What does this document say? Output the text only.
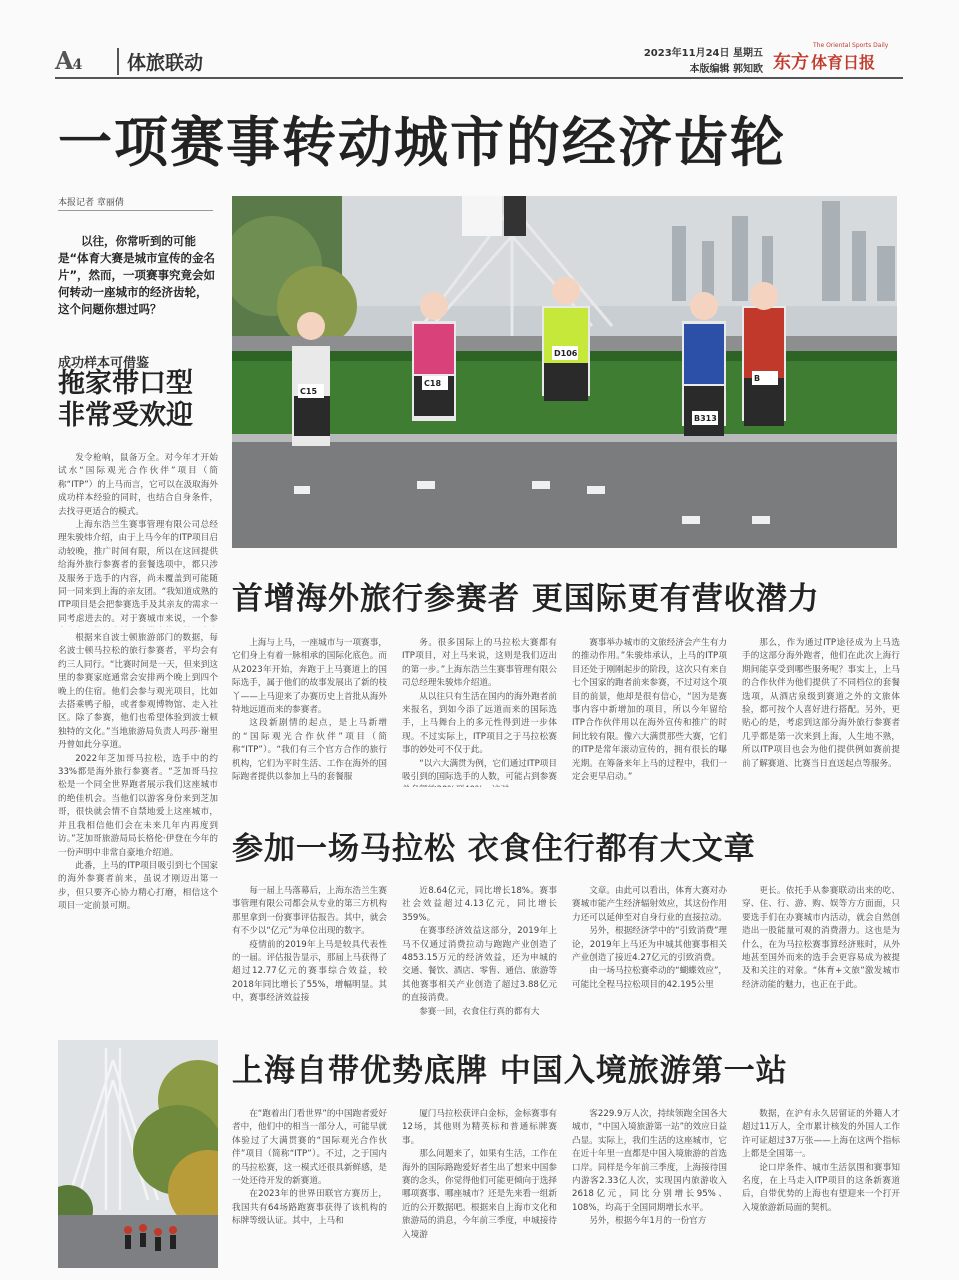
A4	体旅联动	2023年11月24日 星期五
本版编辑 郭知欧 东方
The Oriental Sports Daily
体育日报
一项赛事转动城市的经济齿轮
本报记者 章丽倩
以往，你常听到的可能是“体育大赛是城市宣传的金名片”，然而，一项赛事究竟会如何转动一座城市的经济齿轮，这个问题你想过吗？
成功样本可借鉴
拖家带口型非常受欢迎

发令枪响，鼠备万全。对今年才开始试水“国际观光合作伙伴”项目（简称“ITP”）的上马而言，它可以在汲取海外成功样本经验的同时，也结合自身条件，去找寻更适合的模式。

上海东浩兰生赛事管理有限公司总经理朱骏炜介绍，由于上马今年的ITP项目启动较晚，推广时间有限，所以在这回提供给海外旅行参赛者的套餐选项中，都只涉及服务于选手的内容，尚未覆盖到可能随同一同来到上海的亲友团。“我知道成熟的ITP项目是会把参赛选手及其亲友的需求一同考虑进去的。对于赛城市来说，一个参

根据来自波士顿旅游部门的数据，每名波士顿马拉松的旅行参赛者，平均会有约三人同行。“比赛时间是一天，但来到这里的参赛家庭通常会安排两个晚上到四个晚上的住宿。他们会参与观光项目，比如去搭乘鸭子船，或者参观博物馆、走入社区。除了参赛，他们也希望体验到波士顿独特的文化。”当地旅游局负责人玛莎·谢里丹曾如此分享道。

2022年芝加哥马拉松，选手中的约33%都是海外旅行参赛者。“芝加哥马拉松是一个同全世界跑者展示我们这座城市的绝佳机会。当他们以游客身份来到芝加哥，很快就会情不自禁地爱上这座城市，并且我相信他们会在未来几年内再度到访。”芝加哥旅游局局长格伦·伊登在今年的一份声明中非常自豪地介绍道。

此番，上马的ITP项目吸引到七个国家的海外参赛者前来，虽说才刚迈出第一步，但只要齐心协力精心打磨，相信这个项目一定前景可期。

C15
C18
D106
B313
B
首增海外旅行参赛者 更国际更有营收潜力

上海与上马，一座城市与一项赛事，它们身上有着一脉相承的国际化底色。而从2023年开始，奔跑于上马赛道上的国际选手，属于他们的故事发展出了新的枝丫——上马迎来了办赛历史上首批从海外特地远道而来的参赛者。

这段新剧情的起点，是上马新增的“国际观光合作伙伴”项目（简称“ITP”）。“我们有三个官方合作的旅行机构，它们为平时生活、工作在海外的国际跑者提供以参加上马的套餐服

务。很多国际上的马拉松大赛都有ITP项目，对上马来说，这则是我们迈出的第一步。”上海东浩兰生赛事管理有限公司总经理朱骏炜介绍道。

从以往只有生活在国内的海外跑者前来报名，到如今添了远道而来的国际选手，上马舞台上的多元性得到进一步体现。不过实际上，ITP项目之于马拉松赛事的妙处可不仅于此。

“以六大满贯为例，它们通过ITP项目吸引到的国际选手的人数，可能占到参赛

赛事举办城市的文旅经济会产生有力的推动作用。”朱骏炜承认，上马的ITP项目还处于刚刚起步的阶段，这次只有来自七个国家的跑者前来参赛，不过对这个项目的前景，他却是很有信心，“因为是赛事内容中新增加的项目，所以今年留给ITP合作伙伴用以在海外宣传和推广的时间比较有限。像六大满贯那些大赛，它们的ITP是常年滚动宣传的，拥有很长的曝光期。在筹备来年上马的过程中，我们一定会更早启动。”

那么，作为通过ITP途径成为上马选手的这部分海外跑者，他们在此次上海行期间能享受到哪些服务呢？事实上，上马的合作伙伴为他们提供了不同档位的套餐选项，从酒店泉级到赛道之外的文旅体验，都可按个人喜好进行搭配。另外，更贴心的是，考虑到这部分海外旅行参赛者几乎都是第一次来到上海，人生地不熟，所以ITP项目也会为他们提供例如赛前提前了解赛道、比赛当日直送起点等服务。

参加一场马拉松 衣食住行都有大文章

每一届上马落幕后，上海东浩兰生赛事管理有限公司都会从专业的第三方机构那里拿到一份赛事评估报告。其中，就会有不少以“亿元”为单位出现的数字。

疫情前的2019年上马是较具代表性的一届。评估报告显示，那届上马获得了超过12.77亿元的赛事综合效益，较2018年同比增长了55%，增幅明显。其中，赛事经济效益接

近8.64亿元，同比增长18%。赛事社会效益超过4.13亿元，同比增长359%。

在赛事经济效益这部分，2019年上马不仅通过消费拉动与跑跑产业创造了4853.15万元的经济效益，还为申城的交通、餐饮、酒店、零售、通信、旅游等其他赛事相关产业创造了超过3.88亿元的直接消费。

参赛一回，衣食住行真的都有大

文章。由此可以看出，体育大赛对办赛城市能产生经济辐射效应，其这份作用力还可以延伸至对自身行业的直接拉动。

另外，根据经济学中的“引致消费”理论，2019年上马还为申城其他赛事相关产业创造了接近4.27亿元的引致消费。

由一场马拉松赛牵动的“蝴蝶效应”，可能比全程马拉松项目的42.195公里

更长。依托手从参赛联动出来的吃、穿、住、行、游、购、娱等方方面面，只要选手们在办赛城市内活动，就会自然创造出一股能量可观的消费潜力。这也是为什么，在为马拉松赛事算经济账时，从外地甚至国外而来的选手会更容易成为被提及和关注的对象。“体育+文旅”激发城市经济动能的魅力，也正在于此。

上海自带优势底牌 中国入境旅游第一站

在“跑着出门看世界”的中国跑者爱好者中，他们中的相当一部分人，可能早就体验过了大满贯赛的“国际观光合作伙伴”项目（简称“ITP”）。不过，之于国内的马拉松赛，这一模式还很具新鲜感，是一处还待开发的新赛道。

在2023年的世界田联官方赛历上，我国共有64场路跑赛事获得了该机构的标牌等级认证。其中，上马和

厦门马拉松获评白金标，金标赛事有12场，其他则为精英标和普通标牌赛事。

那么问题来了，如果有生活，工作在海外的国际路跑爱好者生出了想来中国参赛的念头，你觉得他们可能更倾向于选择哪项赛事、哪座城市？还是先来看一组新近的公开数据吧。根据来自上海市文化和旅游局的消息，今年前三季度，申城接待入境游

客229.9万人次，持续领跑全国各大城市，“中国入境旅游第一站”的效应日益凸显。实际上，我们生活的这座城市，它在近十年里一直都是中国入境旅游的首选口岸。同样是今年前三季度，上海接待国内游客2.33亿人次，实现国内旅游收入2618亿元，同比分别增长95%、108%，均高于全国同期增长水平。

另外，根据今年1月的一份官方

数据，在沪有永久居留证的外籍人才超过11万人，全市累计核发的外国人工作许可证超过37万张——上海在这两个指标上都是全国第一。

论口岸条件、城市生活氛围和赛事知名度，在上马走入ITP项目的这条新赛道后，自带优势的上海也有望迎来一个打开入境旅游新局面的契机。
